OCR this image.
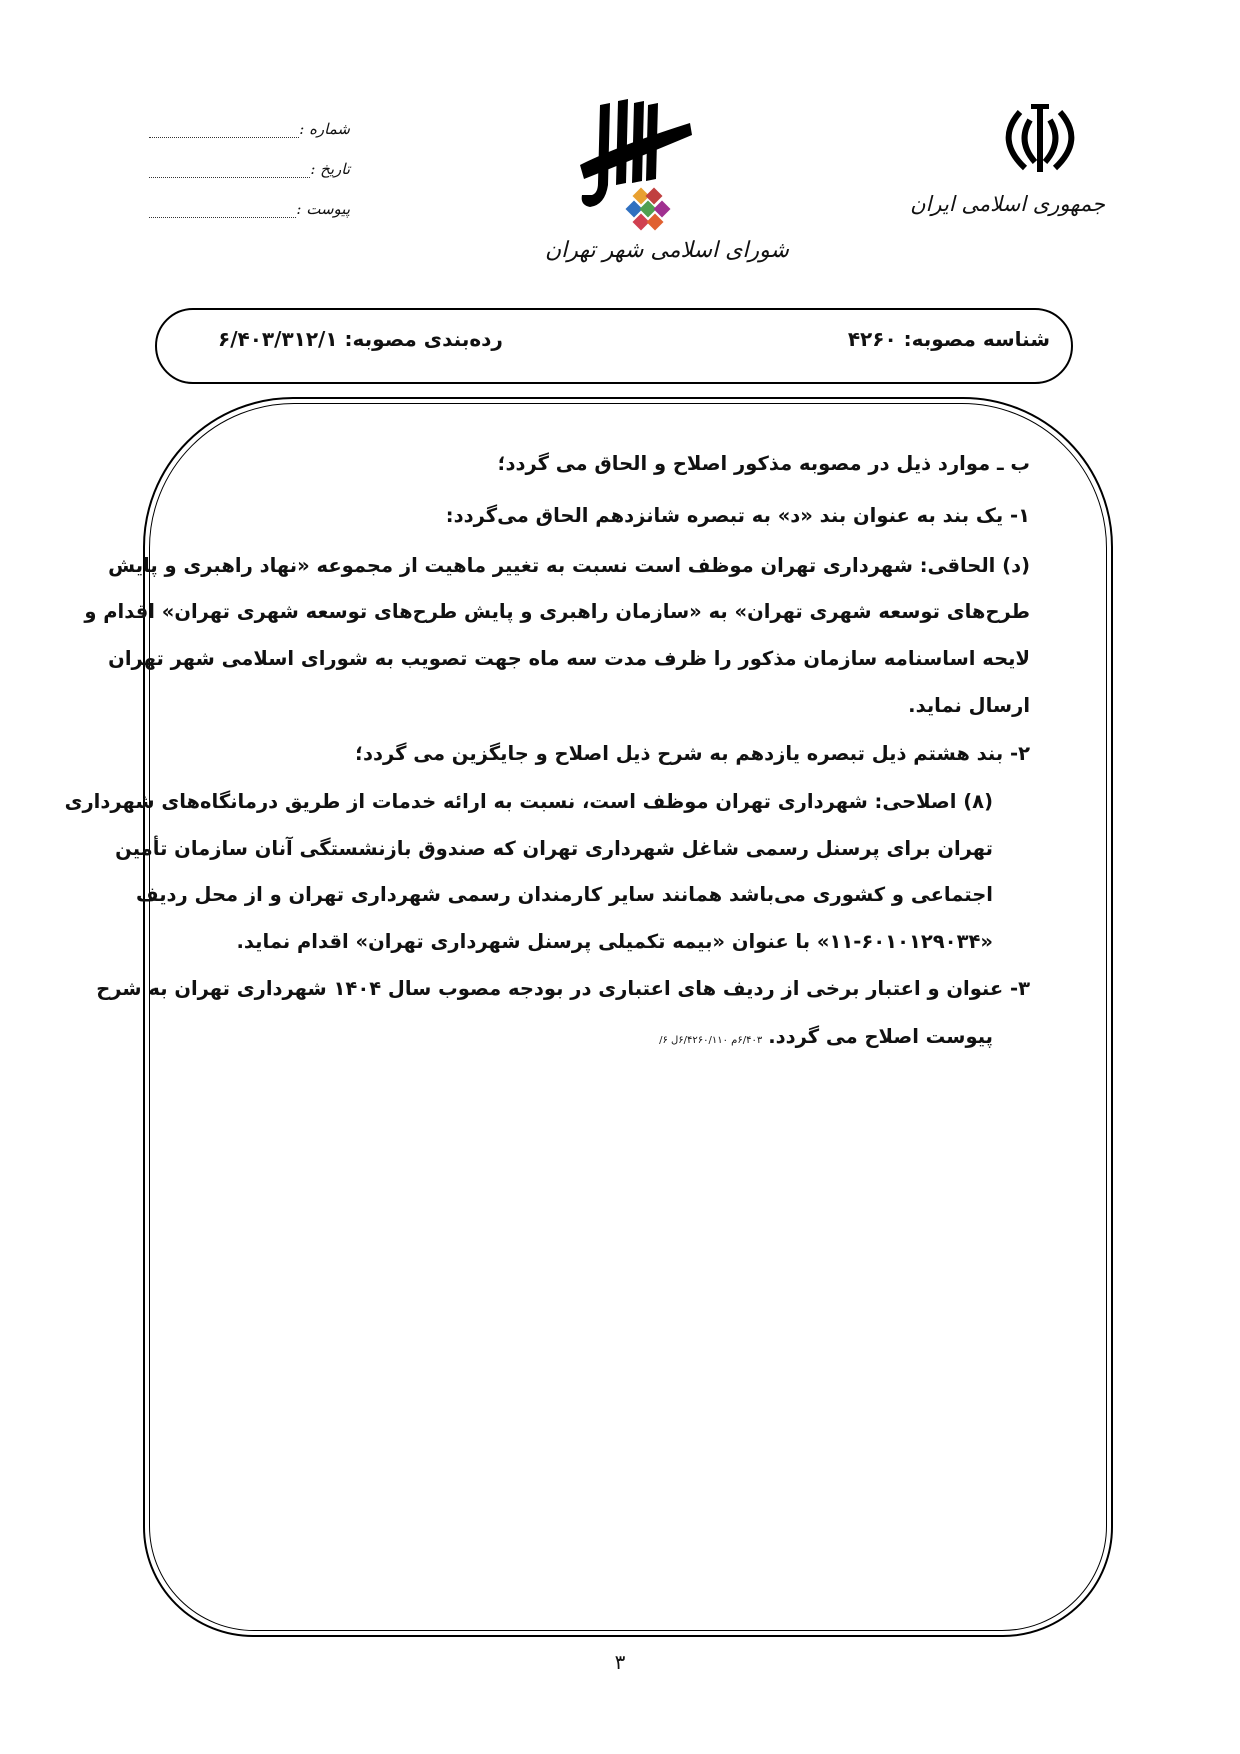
شماره :
تاریخ :
پیوست :
شورای اسلامی شهر تهران
جمهوری اسلامی ایران
شناسه مصوبه: ۴۲۶۰
رده‌بندی مصوبه: ۶/۴۰۳/۳۱۲/۱
ب ـ موارد ذیل در مصوبه مذکور اصلاح و الحاق می گردد؛
۱- یک بند به عنوان بند «د» به تبصره شانزدهم الحاق می‌گردد:
(د) الحاقی: شهرداری تهران موظف است نسبت به تغییر ماهیت از مجموعه «نهاد راهبری و پایش
طرح‌های توسعه شهری تهران» به «سازمان راهبری و پایش طرح‌های توسعه شهری تهران» اقدام و
لایحه اساسنامه سازمان مذکور را ظرف مدت سه ماه جهت تصویب به شورای اسلامی شهر تهران
ارسال نماید.
۲- بند هشتم ذیل تبصره یازدهم به شرح ذیل اصلاح و جایگزین می گردد؛
(۸) اصلاحی: شهرداری تهران موظف است، نسبت به ارائه خدمات از طریق درمانگاه‌های شهرداری
تهران برای پرسنل رسمی شاغل شهرداری تهران که صندوق بازنشستگی آنان سازمان تأمین
اجتماعی و کشوری می‌باشد همانند سایر کارمندان رسمی شهرداری تهران و از محل ردیف
«۱۱-۶۰۱۰۱۲۹۰۳۴» با عنوان «بیمه تکمیلی پرسنل شهرداری تهران» اقدام نماید.
۳- عنوان و اعتبار برخی از ردیف های اعتباری در بودجه مصوب سال ۱۴۰۴ شهرداری تهران به شرح
پیوست اصلاح می گردد.۶/۴۰۳م ۶/۴۲۶۰/۱۱۰ل ۶/
۳
